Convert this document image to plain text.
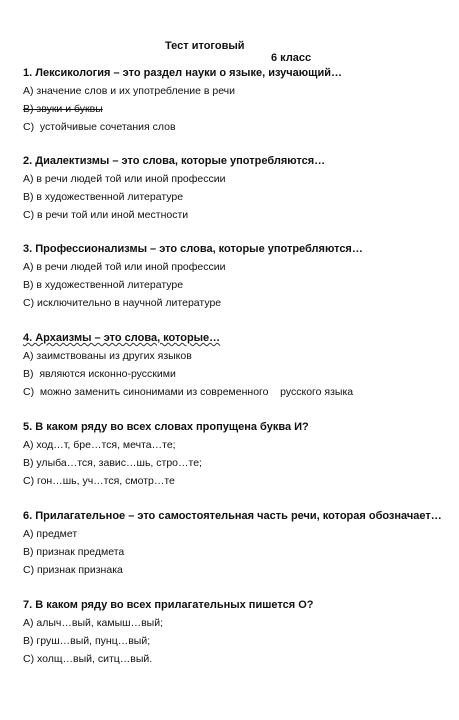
Тест итоговый

6 класс

1. Лексикология – это раздел науки о языке, изучающий…
А) значение слов и их употребление в речи
В) звуки и буквы
С)  устойчивые сочетания слов
2. Диалектизмы – это слова, которые употребляются…
А) в речи людей той или иной профессии
В) в художественной литературе
С) в речи той или иной местности
3. Профессионализмы – это слова, которые употребляются…
А) в речи людей той или иной профессии
В) в художественной литературе
С) исключительно в научной литературе
4. Архаизмы – это слова, которые…
А) заимствованы из других языков
В)  являются исконно-русскими
С)  можно заменить синонимами из современного    русского языка
5. В каком ряду во всех словах пропущена буква И?
А) ход…т, бре…тся, мечта…те;
В) улыба…тся, завис…шь, стро…те;
С) гон…шь, уч…тся, смотр…те
6. Прилагательное – это самостоятельная часть речи, которая обозначает…
А) предмет
В) признак предмета
С) признак признака
7. В каком ряду во всех прилагательных пишется О?
А) алыч…вый, камыш…вый;
В) груш…вый, пунц…вый;
С) холщ…вый, ситц…вый.
